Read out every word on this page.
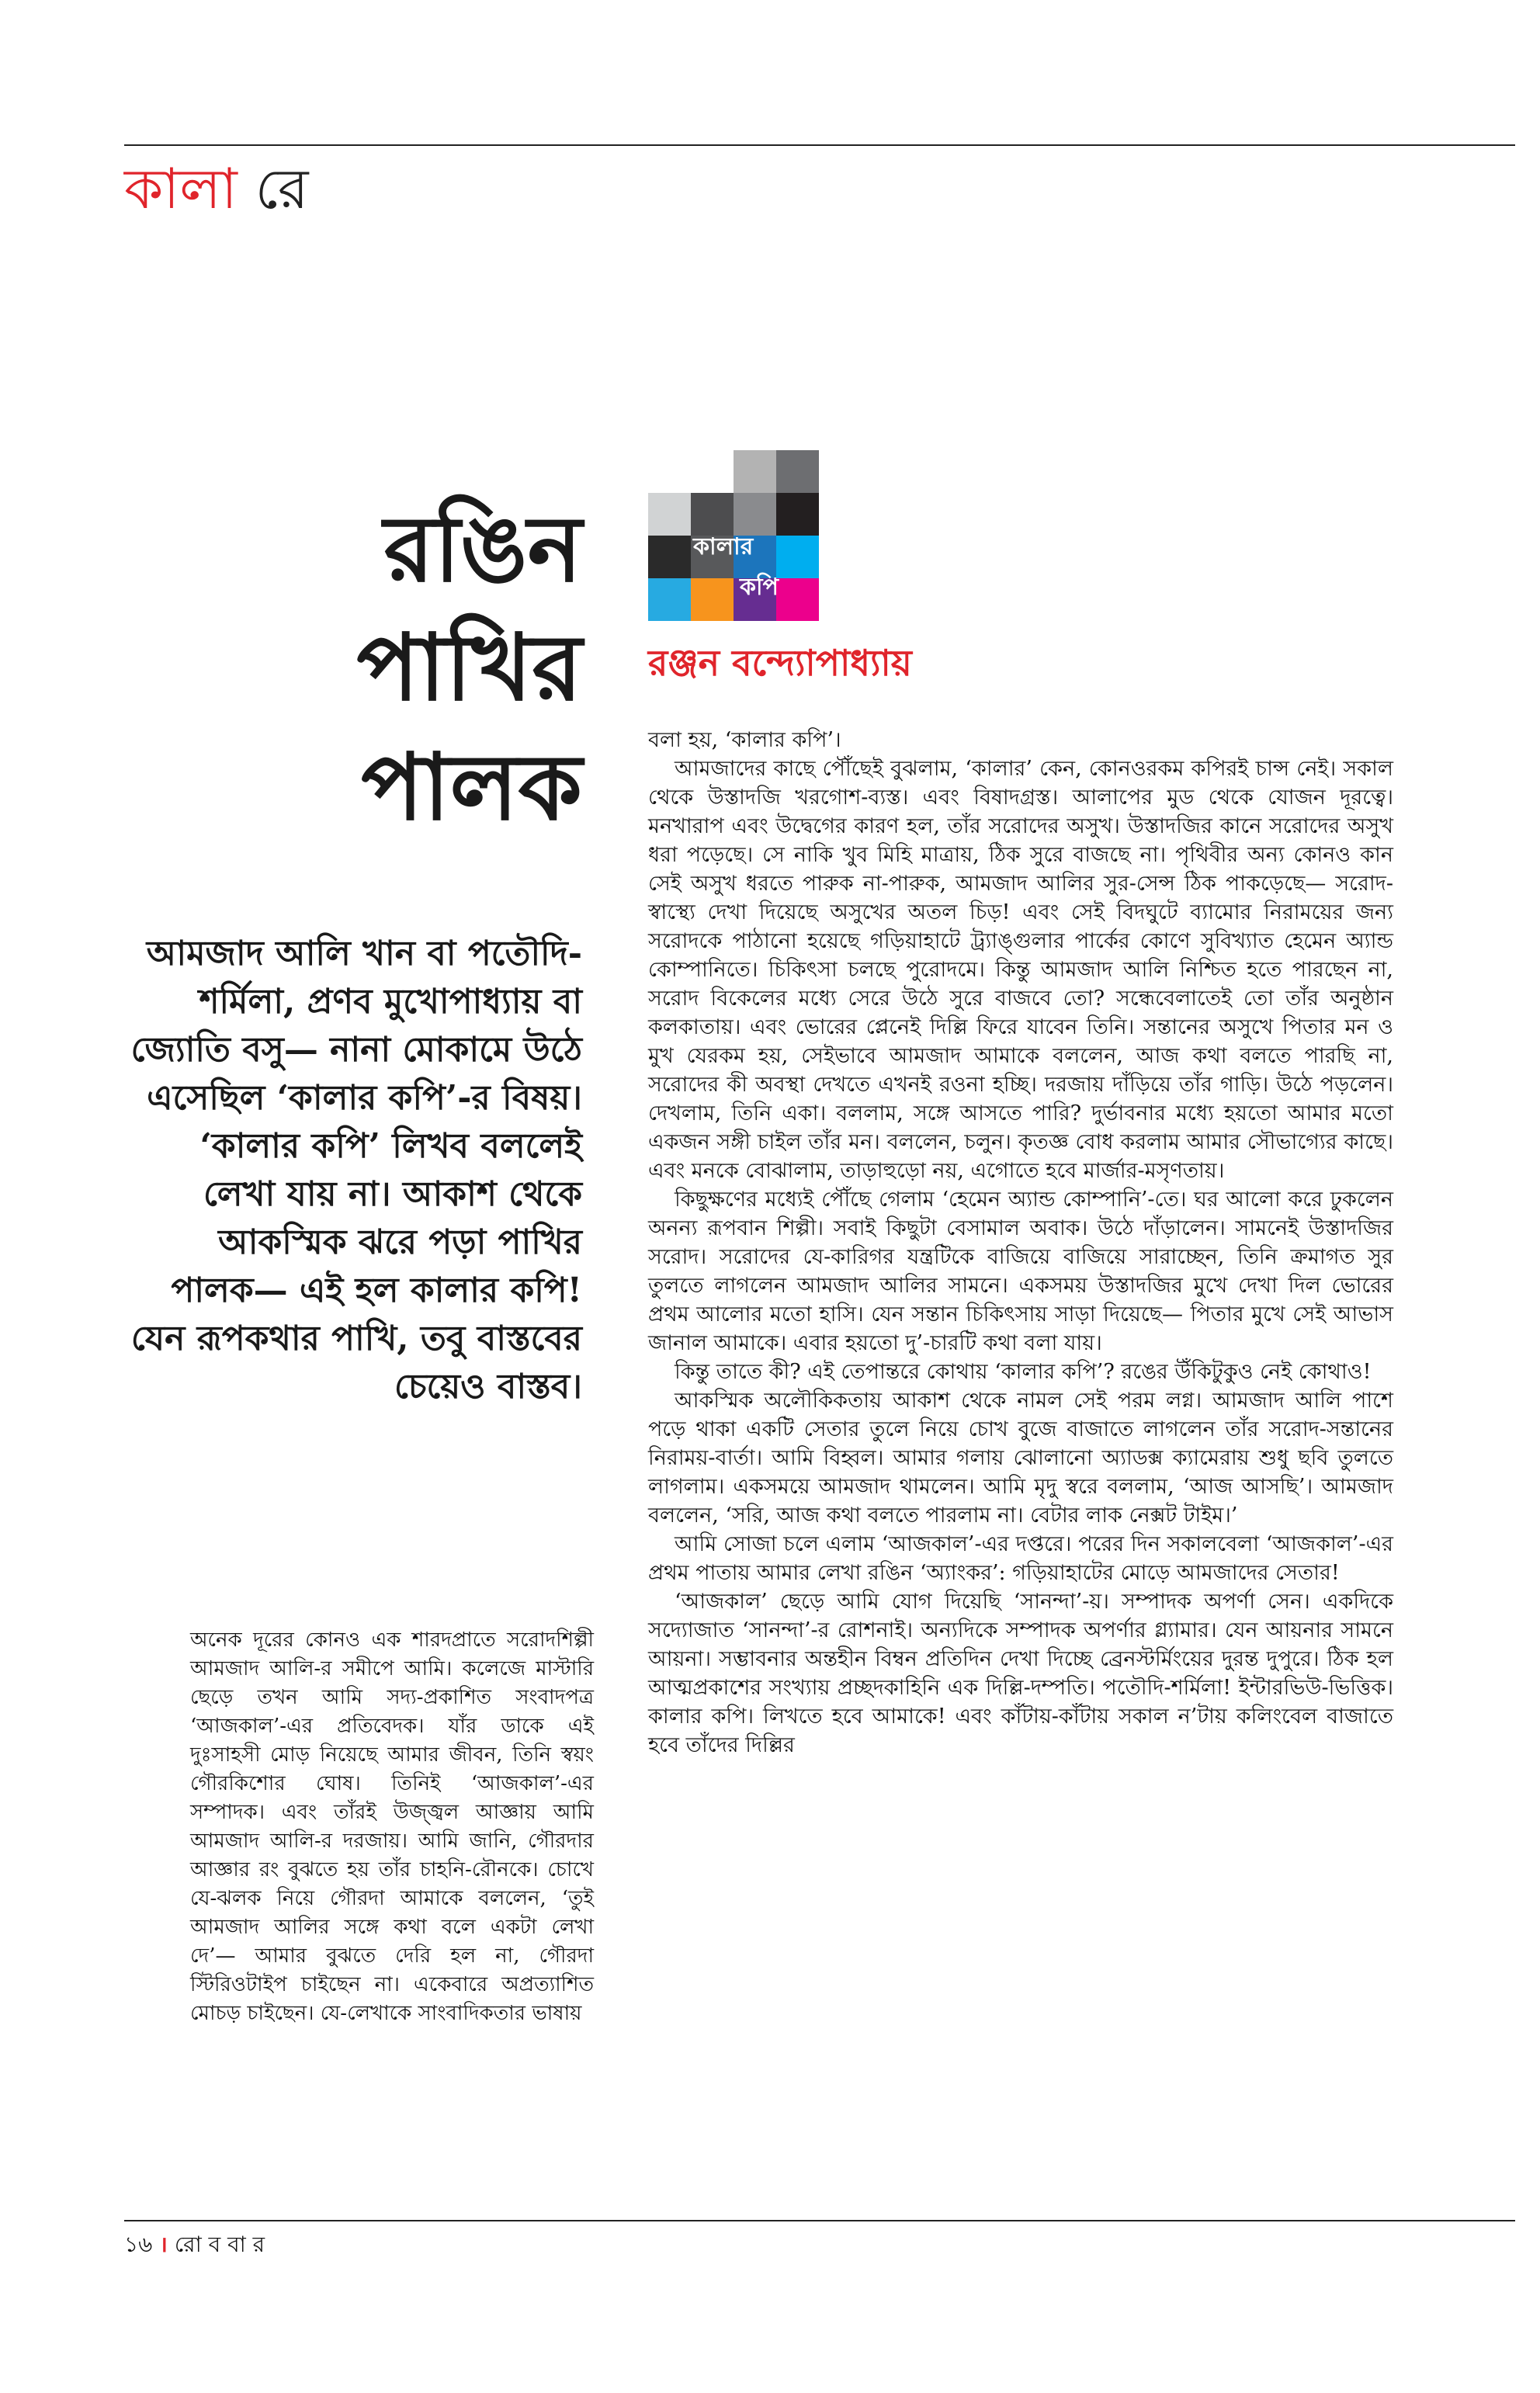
কালা রে
রঙিন
পাখির
পালক
আমজাদ আলি খান বা পতৌদি-শর্মিলা, প্রণব মুখোপাধ্যায় বা জ্যোতি বসু— নানা মোকামে উঠে এসেছিল ‘কালার কপি’-র বিষয়। ‘কালার কপি’ লিখব বললেই লেখা যায় না। আকাশ থেকে আকস্মিক ঝরে পড়া পাখির পালক— এই হল কালার কপি! যেন রূপকথার পাখি, তবু বাস্তবের চেয়েও বাস্তব।

অনেক দূরের কোনও এক শারদপ্রাতে সরোদশিল্পী আমজাদ আলি-র সমীপে আমি। কলেজে মাস্টারি ছেড়ে তখন আমি সদ্য-প্রকাশিত সংবাদপত্র ‘আজকাল’-এর প্রতিবেদক। যাঁর ডাকে এই দুঃসাহসী মোড় নিয়েছে আমার জীবন, তিনি স্বয়ং গৌরকিশোর ঘোষ। তিনিই ‘আজকাল’-এর সম্পাদক। এবং তাঁরই উজ্জ্বল আজ্ঞায় আমি আমজাদ আলি-র দরজায়। আমি জানি, গৌরদার আজ্ঞার রং বুঝতে হয় তাঁর চাহনি-রৌনকে। চোখে যে-ঝলক নিয়ে গৌরদা আমাকে বললেন, ‘তুই আমজাদ আলির সঙ্গে কথা বলে একটা লেখা দে’— আমার বুঝতে দেরি হল না, গৌরদা স্টিরিওটাইপ চাইছেন না। একেবারে অপ্রত্যাশিত মোচড় চাইছেন। যে-লেখাকে সাংবাদিকতার ভাষায়

কালার
কপি
রঞ্জন বন্দ্যোপাধ্যায়

বলা হয়, ‘কালার কপি’।

আমজাদের কাছে পৌঁছেই বুঝলাম, ‘কালার’ কেন, কোনওরকম কপিরই চান্স নেই। সকাল থেকে উস্তাদজি খরগোশ-ব্যস্ত। এবং বিষাদগ্রস্ত। আলাপের মুড থেকে যোজন দূরত্বে। মনখারাপ এবং উদ্বেগের কারণ হল, তাঁর সরোদের অসুখ। উস্তাদজির কানে সরোদের অসুখ ধরা পড়েছে। সে নাকি খুব মিহি মাত্রায়, ঠিক সুরে বাজছে না। পৃথিবীর অন্য কোনও কান সেই অসুখ ধরতে পারুক না-পারুক, আমজাদ আলির সুর-সেন্স ঠিক পাকড়েছে— সরোদ-স্বাস্থ্যে দেখা দিয়েছে অসুখের অতল চিড়! এবং সেই বিদঘুটে ব্যামোর নিরাময়ের জন্য সরোদকে পাঠানো হয়েছে গড়িয়াহাটে ট্র্যাঙ্গুলার পার্কের কোণে সুবিখ্যাত হেমেন অ্যান্ড কোম্পানিতে। চিকিৎসা চলছে পুরোদমে। কিন্তু আমজাদ আলি নিশ্চিত হতে পারছেন না, সরোদ বিকেলের মধ্যে সেরে উঠে সুরে বাজবে তো? সন্ধেবেলাতেই তো তাঁর অনুষ্ঠান কলকাতায়। এবং ভোরের প্লেনেই দিল্লি ফিরে যাবেন তিনি। সন্তানের অসুখে পিতার মন ও মুখ যেরকম হয়, সেইভাবে আমজাদ আমাকে বললেন, আজ কথা বলতে পারছি না, সরোদের কী অবস্থা দেখতে এখনই রওনা হচ্ছি। দরজায় দাঁড়িয়ে তাঁর গাড়ি। উঠে পড়লেন। দেখলাম, তিনি একা। বললাম, সঙ্গে আসতে পারি? দুর্ভাবনার মধ্যে হয়তো আমার মতো একজন সঙ্গী চাইল তাঁর মন। বললেন, চলুন। কৃতজ্ঞ বোধ করলাম আমার সৌভাগ্যের কাছে। এবং মনকে বোঝালাম, তাড়াহুড়ো নয়, এগোতে হবে মার্জার-মসৃণতায়।

কিছুক্ষণের মধ্যেই পৌঁছে গেলাম ‘হেমেন অ্যান্ড কোম্পানি’-তে। ঘর আলো করে ঢুকলেন অনন্য রূপবান শিল্পী। সবাই কিছুটা বেসামাল অবাক। উঠে দাঁড়ালেন। সামনেই উস্তাদজির সরোদ। সরোদের যে-কারিগর যন্ত্রটিকে বাজিয়ে বাজিয়ে সারাচ্ছেন, তিনি ক্রমাগত সুর তুলতে লাগলেন আমজাদ আলির সামনে। একসময় উস্তাদজির মুখে দেখা দিল ভোরের প্রথম আলোর মতো হাসি। যেন সন্তান চিকিৎসায় সাড়া দিয়েছে— পিতার মুখে সেই আভাস জানাল আমাকে। এবার হয়তো দু’-চারটি কথা বলা যায়।

কিন্তু তাতে কী? এই তেপান্তরে কোথায় ‘কালার কপি’? রঙের উঁকিটুকুও নেই কোথাও!

আকস্মিক অলৌকিকতায় আকাশ থেকে নামল সেই পরম লগ্ন। আমজাদ আলি পাশে পড়ে থাকা একটি সেতার তুলে নিয়ে চোখ বুজে বাজাতে লাগলেন তাঁর সরোদ-সন্তানের নিরাময়-বার্তা। আমি বিহ্বল। আমার গলায় ঝোলানো অ্যাডক্স ক্যামেরায় শুধু ছবি তুলতে লাগলাম। একসময়ে আমজাদ থামলেন। আমি মৃদু স্বরে বললাম, ‘আজ আসছি’। আমজাদ বললেন, ‘সরি, আজ কথা বলতে পারলাম না। বেটার লাক নেক্সট টাইম।’

আমি সোজা চলে এলাম ‘আজকাল’-এর দপ্তরে। পরের দিন সকালবেলা ‘আজকাল’-এর প্রথম পাতায় আমার লেখা রঙিন ‘অ্যাংকর’: গড়িয়াহাটের মোড়ে আমজাদের সেতার!

‘আজকাল’ ছেড়ে আমি যোগ দিয়েছি ‘সানন্দা’-য়। সম্পাদক অপর্ণা সেন। একদিকে সদ্যোজাত ‘সানন্দা’-র রোশনাই। অন্যদিকে সম্পাদক অপর্ণার গ্ল্যামার। যেন আয়নার সামনে আয়না। সম্ভাবনার অন্তহীন বিম্বন প্রতিদিন দেখা দিচ্ছে ব্রেনস্টর্মিংয়ের দুরন্ত দুপুরে। ঠিক হল আত্মপ্রকাশের সংখ্যায় প্রচ্ছদকাহিনি এক দিল্লি-দম্পতি। পতৌদি-শর্মিলা! ইন্টারভিউ-ভিত্তিক। কালার কপি। লিখতে হবে আমাকে! এবং কাঁটায়-কাঁটায় সকাল ন’টায় কলিংবেল বাজাতে হবে তাঁদের দিল্লির

১৬ । রো ব বা র
